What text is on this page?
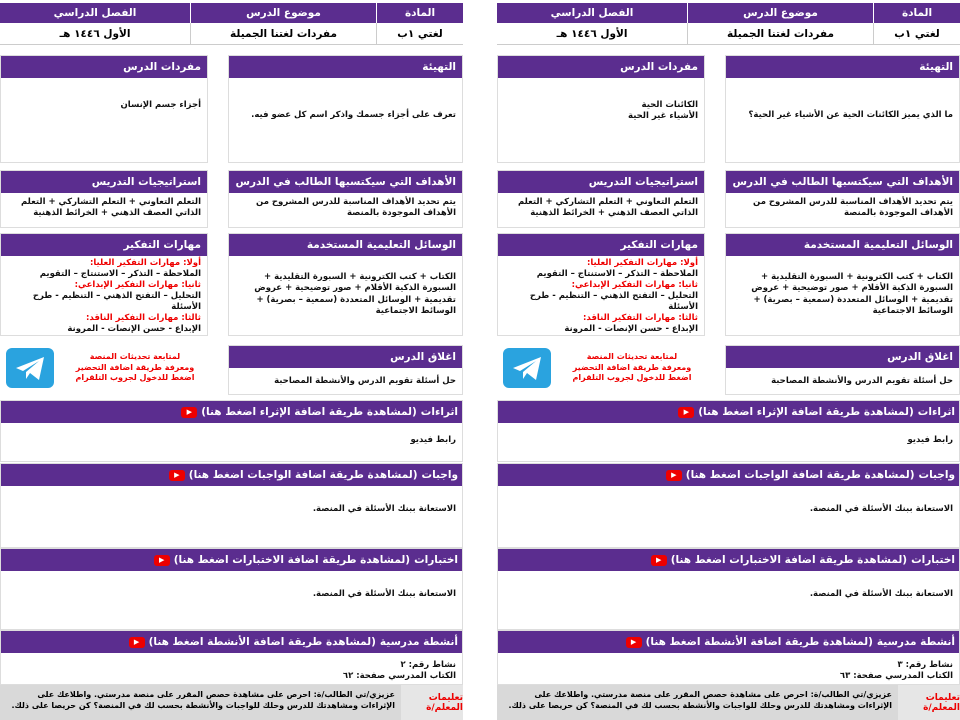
المادة
موضوع الدرس
الفصل الدراسي
لغتي ١ب
مفردات لغتنا الجميلة
الأول ١٤٤٦ هـ
التهيئة
ما الذي يميز الكائنات الحية عن الأشياء غير الحية؟
مفردات الدرس
الكائنات الحية
الأشياء غير الحية
الأهداف التي سيكتسبها الطالب في الدرس
يتم تحديد الأهداف المناسبة للدرس المشروح من الأهداف الموجودة بالمنصة
استراتيجيات التدريس
التعلم التعاوني + التعلم التشاركي + التعلم الذاتي العصف الذهني + الخرائط الذهنية
الوسائل التعليمية المستخدمة
الكتاب + كتب الكترونية + السبورة التقليدية + السبورة الذكية الأقلام + صور توضيحية + عروض تقديمية + الوسائل المتعددة (سمعية – بصرية) + الوسائط الاجتماعية
مهارات التفكير
أولا: مهارات التفكير العليا:
الملاحظة – التذكر – الاستنتاج – التقويم
ثانيا: مهارات التفكير الإبداعي:
التحليل – التفتح الذهني – التنظيم - طرح الأسئلة
ثالثا: مهارات التفكير الناقد:
الإبداع - حسن الإنصات - المرونة
اغلاق الدرس
حل أسئلة تقويم الدرس والأنشطة المصاحبة
لمتابعة تحديثات المنصة
ومعرفة طريقة اضافة التحضير
اضغط للدخول لجروب التلقرام
اثراءات
(لمشاهدة طريقة اضافة الإثراء اضغط هنا)
▶
رابط فيديو
واجبات
(لمشاهدة طريقة اضافة الواجبات اضغط هنا)
▶
الاستعانة ببنك الأسئلة في المنصة.
اختبارات
(لمشاهدة طريقة اضافة الاختبارات اضغط هنا)
▶
الاستعانة ببنك الأسئلة في المنصة.
أنشطة مدرسية
(لمشاهدة طريقة اضافة الأنشطة اضغط هنا)
▶
نشاط رقم: ٣
الكتاب المدرسي صفحة: ٦٣
تعليمات المعلم/ة
عزيزي/تي الطالب/ة: احرص على مشاهدة حصص المقرر على منصة مدرستي. واطلاعك على الإثراءات ومشاهدتك للدرس وحلك للواجبات والأنشطة بحسب لك في المنصة؟ كن حريصا على ذلك.
المادة
موضوع الدرس
الفصل الدراسي
لغتي ١ب
مفردات لغتنا الجميلة
الأول ١٤٤٦ هـ
التهيئة
تعرف على أجزاء جسمك واذكر اسم كل عضو فيه.
مفردات الدرس
أجزاء جسم الإنسان
الأهداف التي سيكتسبها الطالب في الدرس
يتم تحديد الأهداف المناسبة للدرس المشروح من الأهداف الموجودة بالمنصة
استراتيجيات التدريس
التعلم التعاوني + التعلم التشاركي + التعلم الذاتي العصف الذهني + الخرائط الذهنية
الوسائل التعليمية المستخدمة
الكتاب + كتب الكترونية + السبورة التقليدية + السبورة الذكية الأقلام + صور توضيحية + عروض تقديمية + الوسائل المتعددة (سمعية – بصرية) + الوسائط الاجتماعية
مهارات التفكير
أولا: مهارات التفكير العليا:
الملاحظة – التذكر – الاستنتاج – التقويم
ثانيا: مهارات التفكير الإبداعي:
التحليل – التفتح الذهني – التنظيم - طرح الأسئلة
ثالثا: مهارات التفكير الناقد:
الإبداع - حسن الإنصات - المرونة
اغلاق الدرس
حل أسئلة تقويم الدرس والأنشطة المصاحبة
لمتابعة تحديثات المنصة
ومعرفة طريقة اضافة التحضير
اضغط للدخول لجروب التلقرام
اثراءات
(لمشاهدة طريقة اضافة الإثراء اضغط هنا)
▶
رابط فيديو
واجبات
(لمشاهدة طريقة اضافة الواجبات اضغط هنا)
▶
الاستعانة ببنك الأسئلة في المنصة.
اختبارات
(لمشاهدة طريقة اضافة الاختبارات اضغط هنا)
▶
الاستعانة ببنك الأسئلة في المنصة.
أنشطة مدرسية
(لمشاهدة طريقة اضافة الأنشطة اضغط هنا)
▶
نشاط رقم: ٢
الكتاب المدرسي صفحة: ٦٢
تعليمات المعلم/ة
عزيزي/تي الطالب/ة: احرص على مشاهدة حصص المقرر على منصة مدرستي. واطلاعك على الإثراءات ومشاهدتك للدرس وحلك للواجبات والأنشطة بحسب لك في المنصة؟ كن حريصا على ذلك.
